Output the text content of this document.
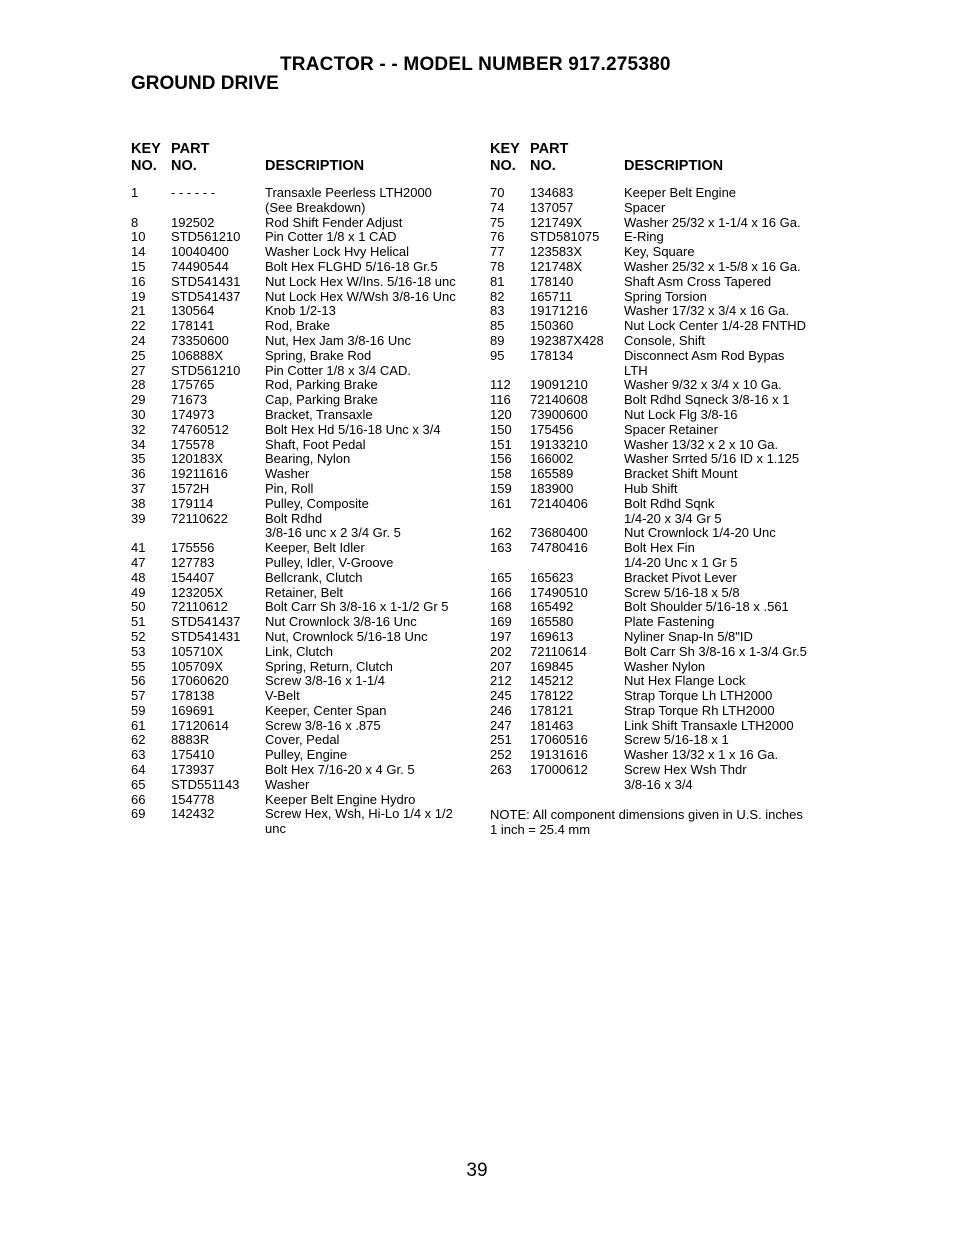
TRACTOR - - MODEL NUMBER 917.275380
GROUND DRIVE
KEY
NO.
PART
NO.	DESCRIPTION
1	- - - - - -	Transaxle Peerless LTH2000
(See Breakdown)
8	192502	Rod Shift Fender Adjust
10 STD561210 Pin Cotter 1/8 x 1 CAD
14 10040400	Washer Lock Hvy Helical
15 74490544	Bolt Hex FLGHD 5/16-18 Gr.5
16 STD541431 Nut Lock Hex W/Ins. 5/16-18 unc
19 STD541437 Nut Lock Hex W/Wsh 3/8-16 Unc
21 130564	Knob 1/2-13
22 178141	Rod, Brake
24 73350600	Nut, Hex Jam 3/8-16 Unc
25 106888X	Spring, Brake Rod
27 STD561210 Pin Cotter 1/8 x 3/4 CAD.
28 175765	Rod, Parking Brake
29 71673	Cap, Parking Brake
30 174973	Bracket, Transaxle
32 74760512	Bolt Hex Hd 5/16-18 Unc x 3/4
34 175578	Shaft, Foot Pedal
35 120183X	Bearing, Nylon
36 19211616	Washer
37 1572H	Pin, Roll
38 179114	Pulley, Composite
39 72110622	Bolt Rdhd
3/8-16 unc x 2 3/4 Gr. 5
41 175556	Keeper, Belt Idler
47 127783	Pulley, Idler, V-Groove
48 154407	Bellcrank, Clutch
49 123205X	Retainer, Belt
50 72110612	Bolt Carr Sh 3/8-16 x 1-1/2 Gr 5
51 STD541437 Nut Crownlock 3/8-16 Unc
52 STD541431 Nut, Crownlock 5/16-18 Unc
53 105710X	Link, Clutch
55 105709X	Spring, Return, Clutch
56 17060620	Screw 3/8-16 x 1-1/4
57 178138	V-Belt
59 169691	Keeper, Center Span
61 17120614	Screw 3/8-16 x .875
62 8883R	Cover, Pedal
63 175410	Pulley, Engine
64 173937	Bolt Hex 7/16-20 x 4 Gr. 5
65 STD551143 Washer
66 154778	Keeper Belt Engine Hydro
69 142432	Screw Hex, Wsh, Hi-Lo 1/4 x 1/2
unc
KEY
NO.
PART
NO.	DESCRIPTION
70 134683	Keeper Belt Engine
74 137057	Spacer
75 121749X	Washer 25/32 x 1-1/4 x 16 Ga.
76 STD581075 E-Ring
77 123583X	Key, Square
78 121748X	Washer 25/32 x 1-5/8 x 16 Ga.
81 178140	Shaft Asm Cross Tapered
82 165711	Spring Torsion
83 19171216	Washer 17/32 x 3/4 x 16 Ga.
85 150360	Nut Lock Center 1/4-28 FNTHD
89 192387X428 Console, Shift
95 178134	Disconnect Asm Rod Bypas
LTH
112 19091210	Washer 9/32 x 3/4 x 10 Ga.
116 72140608	Bolt Rdhd Sqneck 3/8-16 x 1
120 73900600	Nut Lock Flg 3/8-16
150 175456	Spacer Retainer
151 19133210	Washer 13/32 x 2 x 10 Ga.
156 166002	Washer Srrted 5/16 ID x 1.125
158 165589	Bracket Shift Mount
159 183900	Hub Shift
161 72140406	Bolt Rdhd Sqnk
1/4-20 x 3/4 Gr 5
162 73680400	Nut Crownlock 1/4-20 Unc
163 74780416	Bolt Hex Fin
1/4-20 Unc x 1 Gr 5
165 165623	Bracket Pivot Lever
166 17490510	Screw 5/16-18 x 5/8
168 165492	Bolt Shoulder 5/16-18 x .561
169 165580	Plate Fastening
197 169613	Nyliner Snap-In 5/8"ID
202 72110614	Bolt Carr Sh 3/8-16 x 1-3/4 Gr.5
207 169845	Washer Nylon
212 145212	Nut Hex Flange Lock
245 178122	Strap Torque Lh LTH2000
246 178121	Strap Torque Rh LTH2000
247 181463	Link Shift Transaxle LTH2000
251 17060516	Screw 5/16-18 x 1
252 19131616	Washer 13/32 x 1 x 16 Ga.
263 17000612	Screw Hex Wsh Thdr
3/8-16 x 3/4
NOTE: All component dimensions given in U.S. inches
1 inch = 25.4 mm
39
